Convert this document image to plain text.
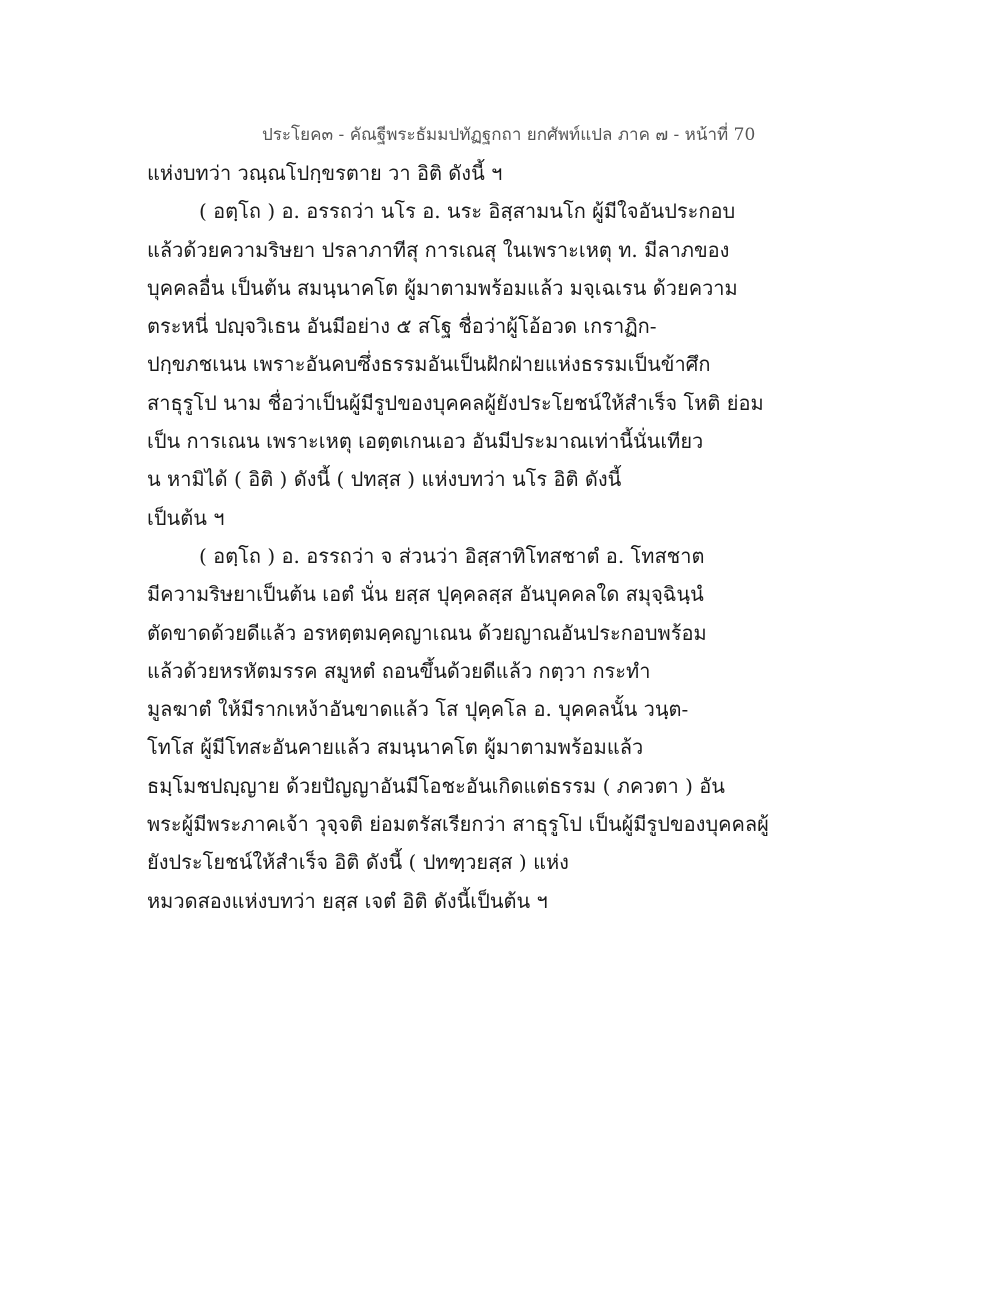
ประโยค๓ - คัณฐีพระธัมมปทัฏฐกถา ยกศัพท์แปล ภาค ๗ - หน้าที่ 70
แห่งบทว่า วณฺณโปกฺขรตาย วา อิติ ดังนี้ ฯ
( อตฺโถ ) อ. อรรถว่า นโร อ. นระ อิสฺสามนโก ผู้มีใจอันประกอบ
แล้วด้วยความริษยา ปรลาภาทีสุ การเณสุ ในเพราะเหตุ ท. มีลาภของ
บุคคลอื่น เป็นต้น สมนฺนาคโต ผู้มาตามพร้อมแล้ว มจฺเฉเรน ด้วยความ
ตระหนี่ ปญฺจวิเธน อันมีอย่าง ๕ สโฐ ชื่อว่าผู้โอ้อวด เกราฏิก-
ปกฺขภชเนน เพราะอันคบซึ่งธรรมอันเป็นฝักฝ่ายแห่งธรรมเป็นข้าศึก
สาธุรูโป นาม ชื่อว่าเป็นผู้มีรูปของบุคคลผู้ยังประโยชน์ให้สำเร็จ โหติ ย่อม
เป็น การเณน เพราะเหตุ เอตฺตเกนเอว อันมีประมาณเท่านี้นั่นเทียว
น หามิได้ ( อิติ ) ดังนี้ ( ปทสฺส ) แห่งบทว่า นโร อิติ ดังนี้
เป็นต้น ฯ
( อตฺโถ ) อ. อรรถว่า จ ส่วนว่า อิสฺสาทิโทสชาตํ อ. โทสชาต
มีความริษยาเป็นต้น เอตํ นั่น ยสฺส ปุคฺคลสฺส อันบุคคลใด สมุจฺฉินฺนํ
ตัดขาดด้วยดีแล้ว อรหตฺตมคฺคญาเณน ด้วยญาณอันประกอบพร้อม
แล้วด้วยหรหัตมรรค สมูหตํ ถอนขึ้นด้วยดีแล้ว กตฺวา กระทำ
มูลฆาตํ ให้มีรากเหง้าอันขาดแล้ว โส ปุคฺคโล อ. บุคคลนั้น วนฺต-
โทโส ผู้มีโทสะอันคายแล้ว สมนฺนาคโต ผู้มาตามพร้อมแล้ว
ธมฺโมชปญฺญาย ด้วยปัญญาอันมีโอชะอันเกิดแต่ธรรม ( ภควตา ) อัน
พระผู้มีพระภาคเจ้า วุจฺจติ ย่อมตรัสเรียกว่า สาธุรูโป เป็นผู้มีรูปของบุคคลผู้
ยังประโยชน์ให้สำเร็จ อิติ ดังนี้ ( ปทฑฺวยสฺส ) แห่ง
หมวดสองแห่งบทว่า ยสฺส เจตํ อิติ ดังนี้เป็นต้น ฯ
